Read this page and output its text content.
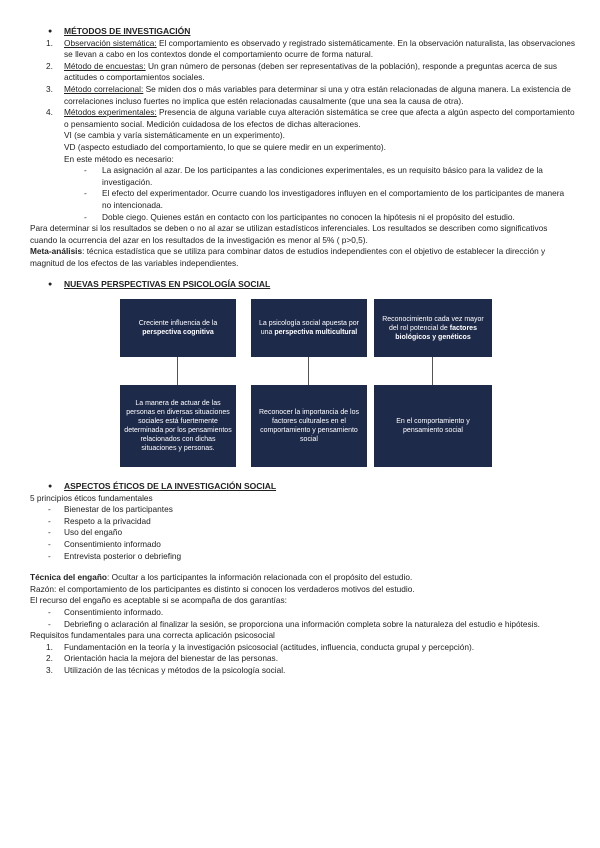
● MÉTODOS DE INVESTIGACIÓN

1. Observación sistemática: El comportamiento es observado y registrado sistemáticamente. En la observación naturalista, las observaciones se llevan a cabo en los contextos donde el comportamiento ocurre de forma natural.
2. Método de encuestas: Un gran número de personas (deben ser representativas de la población), responde a preguntas acerca de sus actitudes o comportamientos sociales.
3. Método correlacional: Se miden dos o más variables para determinar si una y otra están relacionadas de alguna manera. La existencia de correlaciones incluso fuertes no implica que estén relacionadas causalmente (que una sea la causa de otra).
4. Métodos experimentales: Presencia de alguna variable cuya alteración sistemática se cree que afecta a algún aspecto del comportamiento o pensamiento social. Medición cuidadosa de los efectos de dichas alteraciones.

VI (se cambia y varía sistemáticamente en un experimento).

VD (aspecto estudiado del comportamiento, lo que se quiere medir en un experimento).

En este método es necesario:

- La asignación al azar. De los participantes a las condiciones experimentales, es un requisito básico para la validez de la investigación.
- El efecto del experimentador. Ocurre cuando los investigadores influyen en el comportamiento de los participantes de manera no intencionada.
- Doble ciego. Quienes están en contacto con los participantes no conocen la hipótesis ni el propósito del estudio.

Para determinar si los resultados se deben o no al azar se utilizan estadísticos inferenciales. Los resultados se describen como significativos cuando la ocurrencia del azar en los resultados de la investigación es menor al 5% ( p>0,5).

Meta-análisis: técnica estadística que se utiliza para combinar datos de estudios independientes con el objetivo de establecer la dirección y magnitud de los efectos de las variables independientes.

● NUEVAS PERSPECTIVAS EN PSICOLOGÍA SOCIAL

Creciente influencia de la perspectiva cognitiva
La psicología social apuesta por una perspectiva multicultural
Reconocimiento cada vez mayor del rol potencial de factores biológicos y genéticos
La manera de actuar de las personas en diversas situaciones sociales está fuertemente determinada por los pensamientos relacionados con dichas situaciones y personas.
Reconocer la importancia de los factores culturales en el comportamiento y pensamiento social
En el comportamiento y pensamiento social

● ASPECTOS ÉTICOS DE LA INVESTIGACIÓN SOCIAL

5 principios éticos fundamentales

- Bienestar de los participantes
- Respeto a la privacidad
- Uso del engaño
- Consentimiento informado
- Entrevista posterior o debriefing

Técnica del engaño: Ocultar a los participantes la información relacionada con el propósito del estudio.

Razón: el comportamiento de los participantes es distinto si conocen los verdaderos motivos del estudio.

El recurso del engaño es aceptable si se acompaña de dos garantías:

- Consentimiento informado.
- Debriefing o aclaración al finalizar la sesión, se proporciona una información completa sobre la naturaleza del estudio e hipótesis.

Requisitos fundamentales para una correcta aplicación psicosocial

1. Fundamentación en la teoría y la investigación psicosocial (actitudes, influencia, conducta grupal y percepción).
2. Orientación hacia la mejora del bienestar de las personas.
3. Utilización de las técnicas y métodos de la psicología social.
